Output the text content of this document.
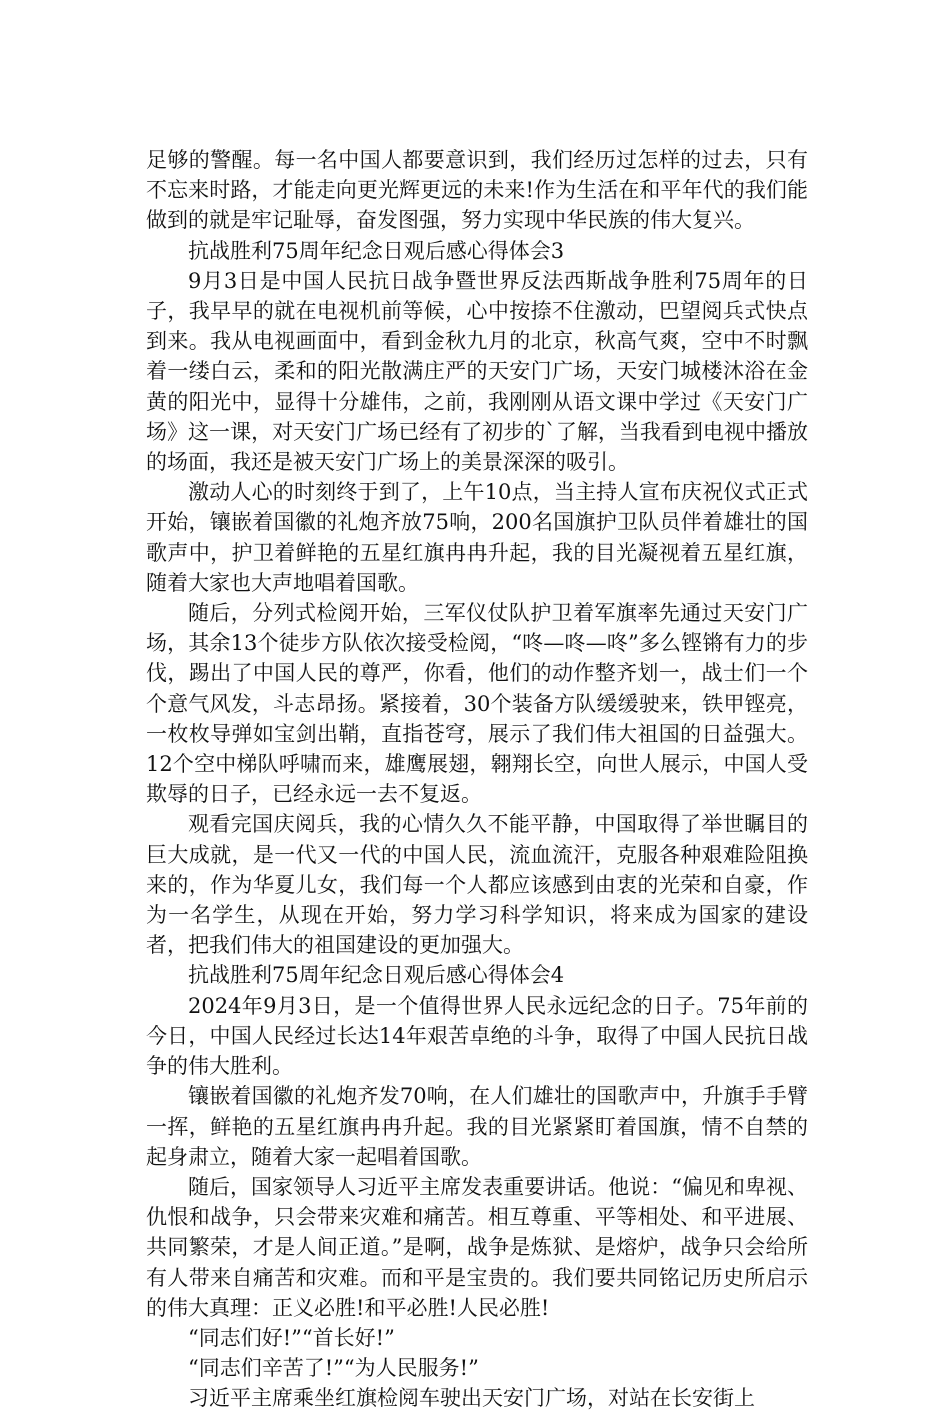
足够的警醒。每一名中国人都要意识到，我们经历过怎样的过去，只有不忘来时路，才能走向更光辉更远的未来!作为生活在和平年代的我们能做到的就是牢记耻辱，奋发图强，努力实现中华民族的伟大复兴。

抗战胜利75周年纪念日观后感心得体会3

9月3日是中国人民抗日战争暨世界反法西斯战争胜利75周年的日子，我早早的就在电视机前等候，心中按捺不住激动，巴望阅兵式快点到来。我从电视画面中，看到金秋九月的北京，秋高气爽，空中不时飘着一缕白云，柔和的阳光散满庄严的天安门广场，天安门城楼沐浴在金黄的阳光中，显得十分雄伟，之前，我刚刚从语文课中学过《天安门广场》这一课，对天安门广场已经有了初步的`了解，当我看到电视中播放的场面，我还是被天安门广场上的美景深深的吸引。

激动人心的时刻终于到了，上午10点，当主持人宣布庆祝仪式正式开始，镶嵌着国徽的礼炮齐放75响，200名国旗护卫队员伴着雄壮的国歌声中，护卫着鲜艳的五星红旗冉冉升起，我的目光凝视着五星红旗，随着大家也大声地唱着国歌。

随后，分列式检阅开始，三军仪仗队护卫着军旗率先通过天安门广场，其余13个徒步方队依次接受检阅，“咚—咚—咚”多么铿锵有力的步伐，踢出了中国人民的尊严，你看，他们的动作整齐划一，战士们一个个意气风发，斗志昂扬。紧接着，30个装备方队缓缓驶来，铁甲铿亮，一枚枚导弹如宝剑出鞘，直指苍穹，展示了我们伟大祖国的日益强大。12个空中梯队呼啸而来，雄鹰展翅，翱翔长空，向世人展示，中国人受欺辱的日子，已经永远一去不复返。

观看完国庆阅兵，我的心情久久不能平静，中国取得了举世瞩目的巨大成就，是一代又一代的中国人民，流血流汗，克服各种艰难险阻换来的，作为华夏儿女，我们每一个人都应该感到由衷的光荣和自豪，作为一名学生，从现在开始，努力学习科学知识，将来成为国家的建设者，把我们伟大的祖国建设的更加强大。

抗战胜利75周年纪念日观后感心得体会4

2024年9月3日，是一个值得世界人民永远纪念的日子。75年前的今日，中国人民经过长达14年艰苦卓绝的斗争，取得了中国人民抗日战争的伟大胜利。

镶嵌着国徽的礼炮齐发70响，在人们雄壮的国歌声中，升旗手手臂一挥，鲜艳的五星红旗冉冉升起。我的目光紧紧盯着国旗，情不自禁的起身肃立，随着大家一起唱着国歌。

随后，国家领导人习近平主席发表重要讲话。他说：“偏见和卑视、仇恨和战争，只会带来灾难和痛苦。相互尊重、平等相处、和平进展、共同繁荣，才是人间正道。”是啊，战争是炼狱、是熔炉，战争只会给所有人带来自痛苦和灾难。而和平是宝贵的。我们要共同铭记历史所启示的伟大真理：正义必胜!和平必胜!人民必胜!

“同志们好!”“首长好!”

“同志们辛苦了!”“为人民服务!”

习近平主席乘坐红旗检阅车驶出天安门广场，对站在长安街上
